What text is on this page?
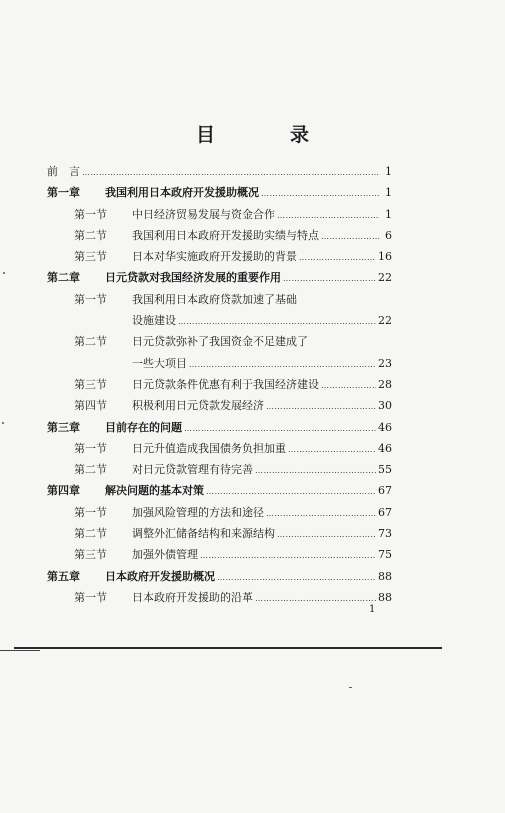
目　录
前　言 ……………………………………………………………………………………………………………………………………………	1
第一章	我国利用日本政府开发援助概况 ……………………………………………………………………………………………………………………………………………	1
第一节	中日经济贸易发展与资金合作 ……………………………………………………………………………………………………………………………………………	1
第二节	我国利用日本政府开发援助实绩与特点 ……………………………………………………………………………………………………………………………………………	6
第三节	日本对华实施政府开发援助的背景 ……………………………………………………………………………………………………………………………………………	16
第二章	日元贷款对我国经济发展的重要作用 ……………………………………………………………………………………………………………………………………………	22
第一节	我国利用日本政府贷款加速了基础
设施建设 ……………………………………………………………………………………………………………………………………………	22
第二节	日元贷款弥补了我国资金不足建成了
一些大项目 ……………………………………………………………………………………………………………………………………………	23
第三节	日元贷款条件优惠有利于我国经济建设 ……………………………………………………………………………………………………………………………………………	28
第四节	积极利用日元贷款发展经济 ……………………………………………………………………………………………………………………………………………	30
第三章	目前存在的问题 ……………………………………………………………………………………………………………………………………………	46
第一节	日元升值造成我国债务负担加重 ……………………………………………………………………………………………………………………………………………	46
第二节	对日元贷款管理有待完善 ……………………………………………………………………………………………………………………………………………	55
第四章	解决问题的基本对策 ……………………………………………………………………………………………………………………………………………	67
第一节	加强风险管理的方法和途径 ……………………………………………………………………………………………………………………………………………	67
第二节	调整外汇储备结构和来源结构 ……………………………………………………………………………………………………………………………………………	73
第三节	加强外债管理 ……………………………………………………………………………………………………………………………………………	75
第五章	日本政府开发援助概况 ……………………………………………………………………………………………………………………………………………	88
第一节	日本政府开发援助的沿革 ……………………………………………………………………………………………………………………………………………	88
1
